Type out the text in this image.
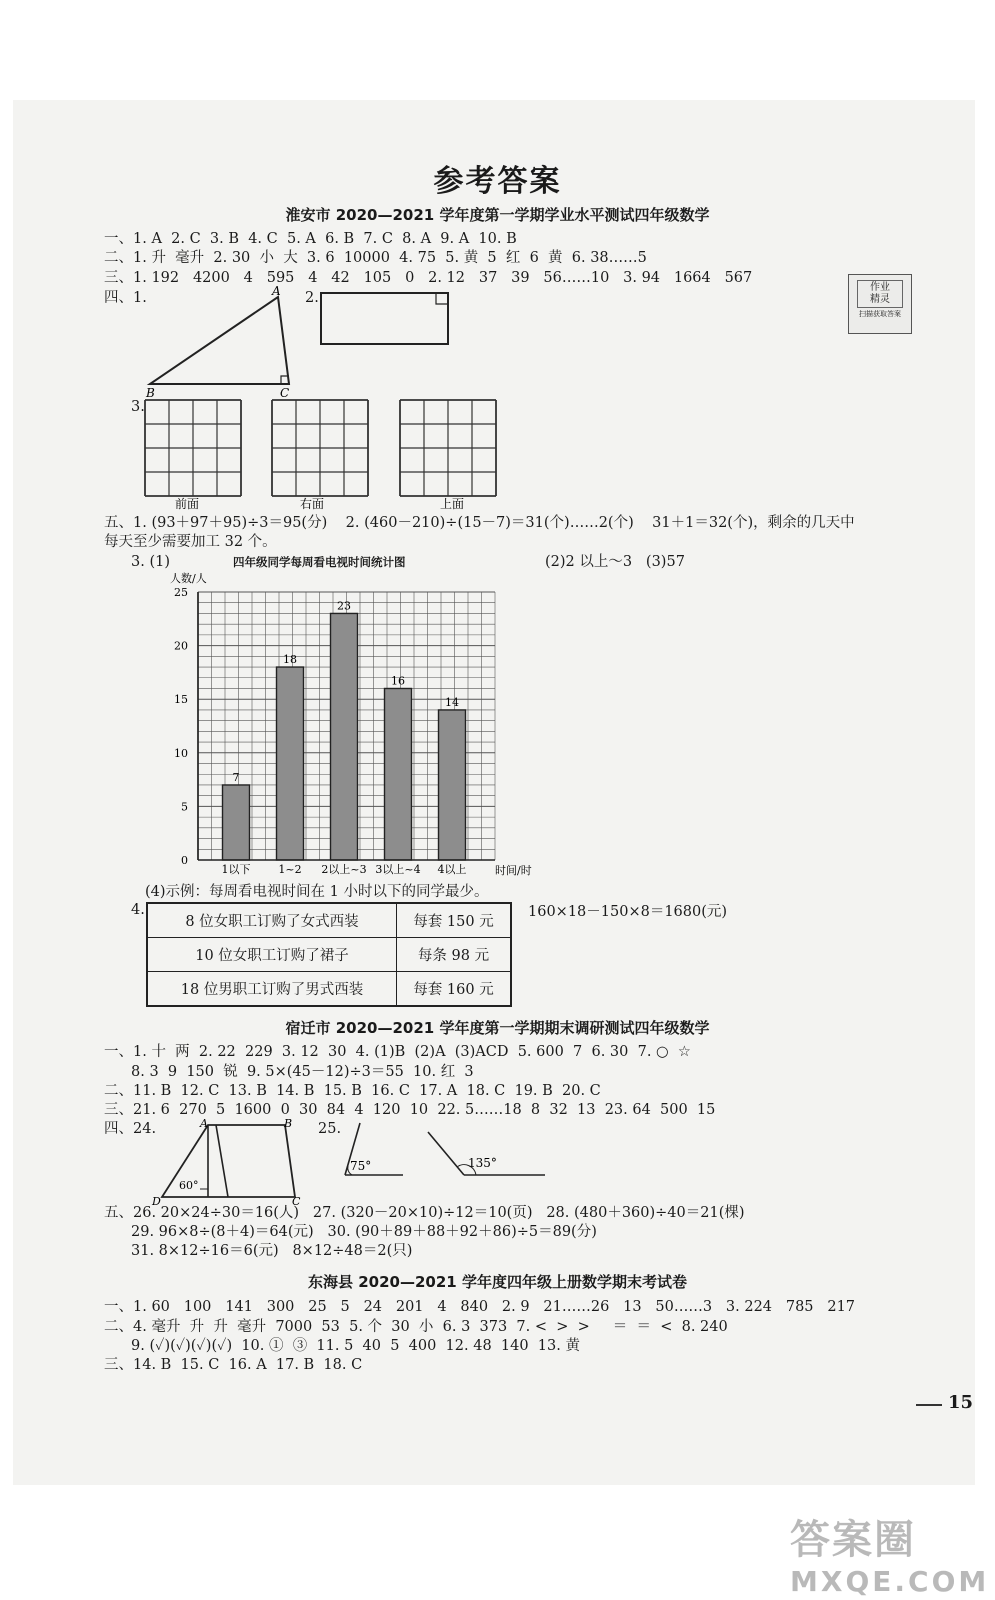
参考答案
淮安市 2020—2021 学年度第一学期学业水平测试四年级数学
一、1. A  2. C  3. B  4. C  5. A  6. B  7. C  8. A  9. A  10. B
二、1. 升  毫升  2. 30  小  大  3. 6  10000  4. 75  5. 黄  5  红  6  黄  6. 38……5
三、1. 192   4200   4   595   4   42   105   0   2. 12   37   39   56……10   3. 94   1664   567
四、1.	2.
作业
精灵
扫描获取答案
A
B	C
3.
前面	右面	上面
五、1. (93＋97＋95)÷3＝95(分)    2. (460－210)÷(15－7)＝31(个)……2(个)    31＋1＝32(个)，剩余的几天中
每天至少需要加工 32 个。
3. (1)	(2)2 以上～3   (3)57
四年级同学每周看电视时间统计图
0
5
10
15
20
25
人数/人
时间/时
7
1以下
18
1~2
23
2以上~3
16
3以上~4
14
4以上
(4)示例：每周看电视时间在 1 小时以下的同学最少。
4.
8 位女职工订购了女式西装	每套 150 元
10 位女职工订购了裙子	每条 98 元
18 位男职工订购了男式西装	每套 160 元
160×18－150×8＝1680(元)
宿迁市 2020—2021 学年度第一学期期末调研测试四年级数学
一、1. 十  两  2. 22  229  3. 12  30  4. (1)B  (2)A  (3)ACD  5. 600  7  6. 30  7. ○  ☆
8. 3  9  150  锐  9. 5×(45－12)÷3＝55  10. 红  3
二、11. B  12. C  13. B  14. B  15. B  16. C  17. A  18. C  19. B  20. C
三、21. 6  270  5  1600  0  30  84  4  120  10  22. 5……18  8  32  13  23. 64  500  15
四、24.	25.
A	B
D	C
60°
75°	135°
五、26. 20×24÷30＝16(人)   27. (320－20×10)÷12＝10(页)   28. (480＋360)÷40＝21(棵)
29. 96×8÷(8＋4)＝64(元)   30. (90＋89＋88＋92＋86)÷5＝89(分)
31. 8×12÷16＝6(元)   8×12÷48＝2(只)
东海县 2020—2021 学年度四年级上册数学期末考试卷
一、1. 60   100   141   300   25   5   24   201   4   840   2. 9   21……26   13   50……3   3. 224   785   217
二、4. 毫升  升  升  毫升  7000  53  5. 个  30  小  6. 3  373  7. <  >  >     ＝  ＝  <  8. 240
9. (✓)(✓)(✓)(✓)  10. ①  ③  11. 5  40  5  400  12. 48  140  13. 黄
三、14. B  15. C  16. A  17. B  18. C
15
答案圈
MXQE.COM
